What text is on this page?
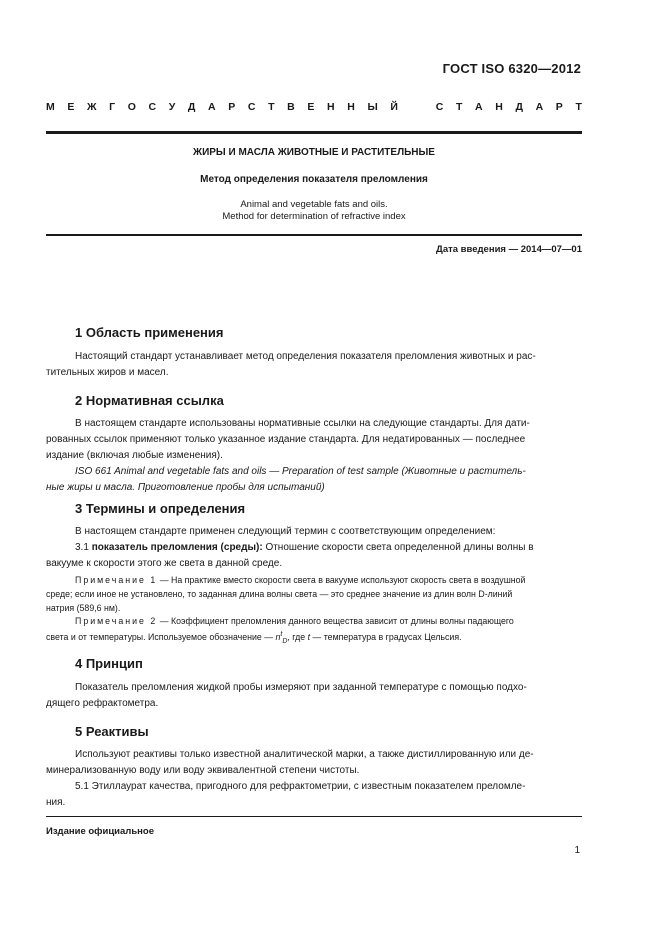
ГОСТ ISO 6320—2012
М Е Ж Г О С У Д А Р С Т В Е Н Н Ы Й	С Т А Н Д А Р Т
ЖИРЫ И МАСЛА ЖИВОТНЫЕ И РАСТИТЕЛЬНЫЕ
Метод определения показателя преломления
Animal and vegetable fats and oils.
Method for determination of refractive index
Дата введения — 2014—07—01
1 Область применения
Настоящий стандарт устанавливает метод определения показателя преломления животных и рас-
тительных жиров и масел.
2 Нормативная ссылка
В настоящем стандарте использованы нормативные ссылки на следующие стандарты. Для дати-
рованных ссылок применяют только указанное издание стандарта. Для недатированных — последнее
издание (включая любые изменения).
ISO 661 Animal and vegetable fats and oils — Preparation of test sample (Животные и раститель-
ные жиры и масла. Приготовление пробы для испытаний)
3 Термины и определения
В настоящем стандарте применен следующий термин с соответствующим определением:
3.1 показатель преломления (среды): Отношение скорости света определенной длины волны в
вакууме к скорости этого же света в данной среде.
Примечание 1 — На практике вместо скорости света в вакууме используют скорость света в воздушной
среде; если иное не установлено, то заданная длина волны света — это среднее значение из длин волн D-линий
натрия (589,6 нм).
Примечание 2 — Коэффициент преломления данного вещества зависит от длины волны падающего
света и от температуры. Используемое обозначение — $n^t_D$, где t — температура в градусах Цельсия.
4 Принцип
Показатель преломления жидкой пробы измеряют при заданной температуре с помощью подхо-
дящего рефрактометра.
5 Реактивы
Используют реактивы только известной аналитической марки, а также дистиллированную или де-
минерализованную воду или воду эквивалентной степени чистоты.
5.1 Этиллаурат качества, пригодного для рефрактометрии, с известным показателем преломле-
ния.
Издание официальное
1
